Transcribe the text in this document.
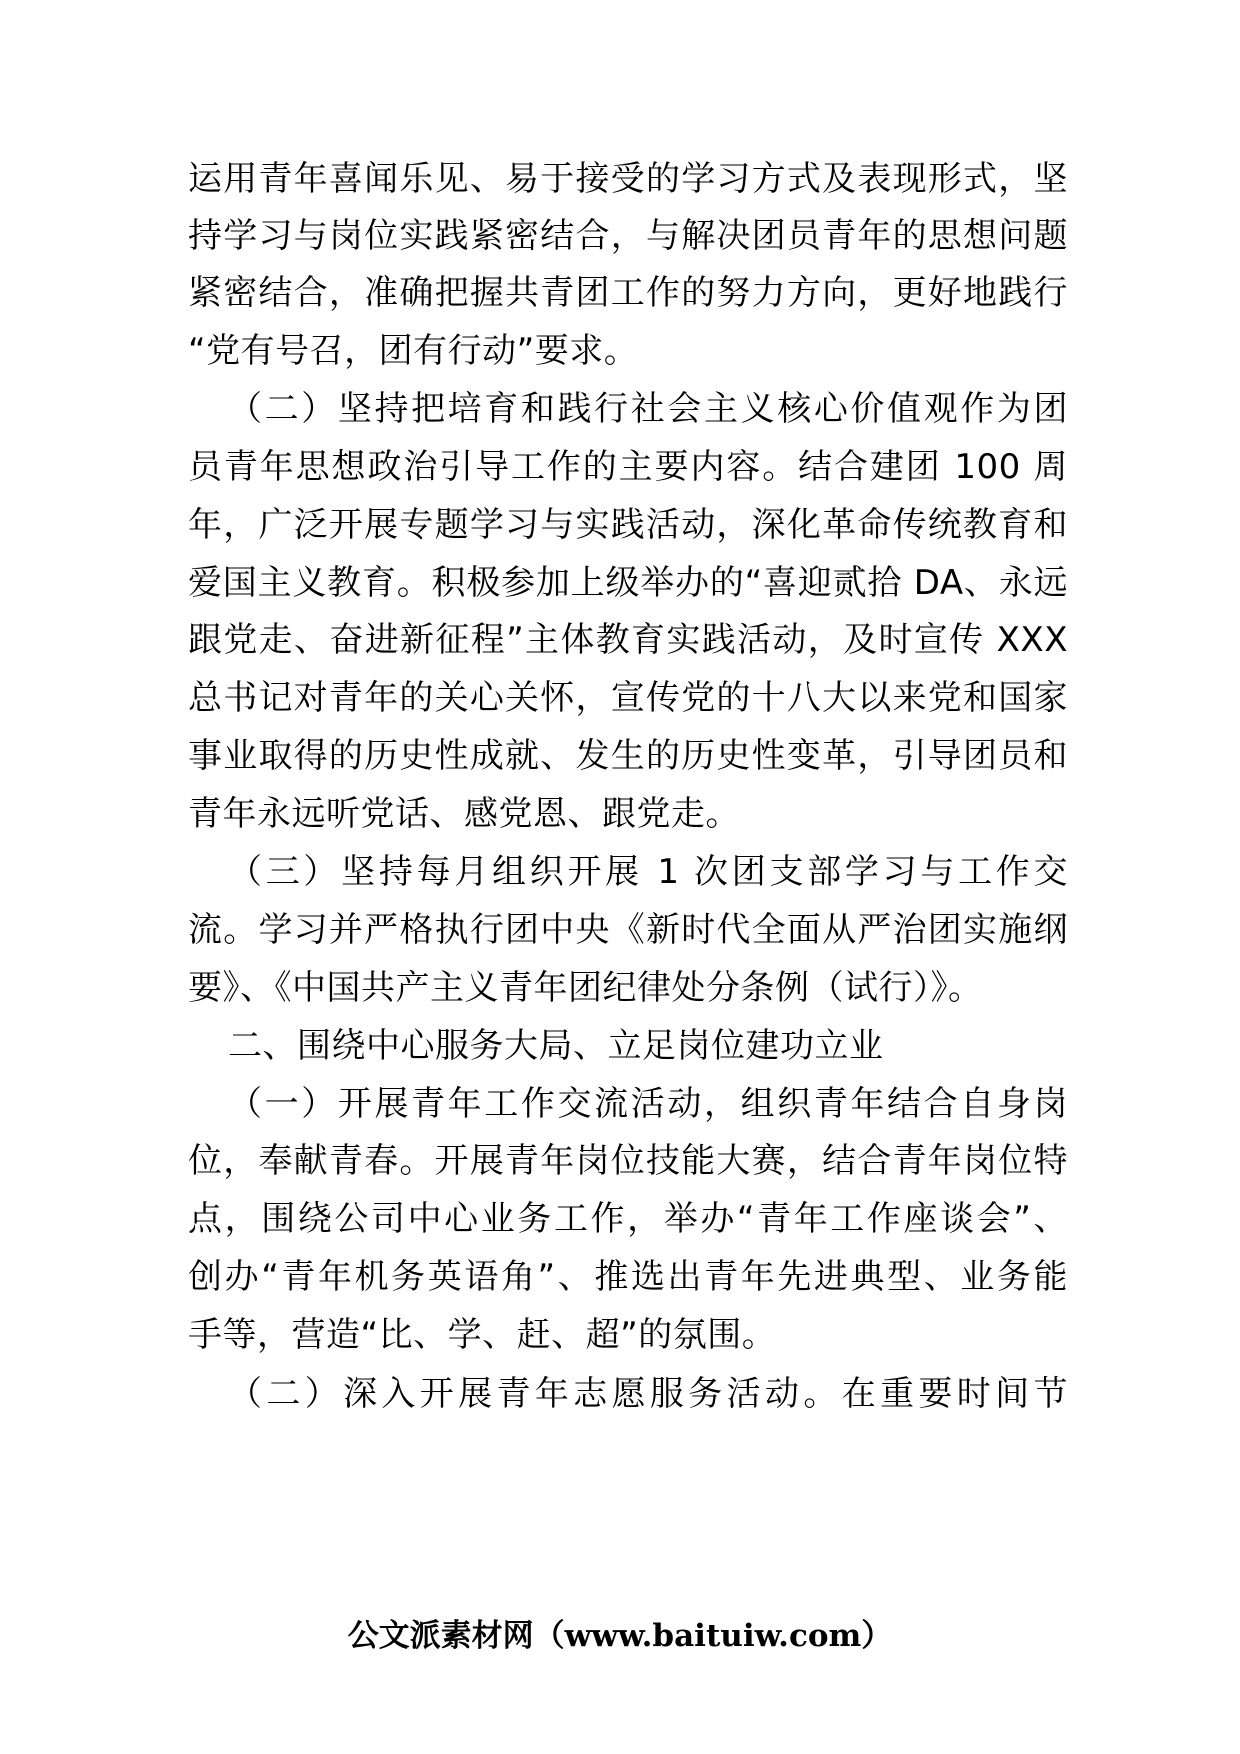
运用青年喜闻乐见、易于接受的学习方式及表现形式，坚
持学习与岗位实践紧密结合，与解决团员青年的思想问题
紧密结合，准确把握共青团工作的努力方向，更好地践行
“党有号召，团有行动”要求。
（二）坚持把培育和践行社会主义核心价值观作为团
员青年思想政治引导工作的主要内容。结合建团 100 周
年，广泛开展专题学习与实践活动，深化革命传统教育和
爱国主义教育。积极参加上级举办的“喜迎贰拾 DA、永远
跟党走、奋进新征程”主体教育实践活动，及时宣传 XXX
总书记对青年的关心关怀，宣传党的十八大以来党和国家
事业取得的历史性成就、发生的历史性变革，引导团员和
青年永远听党话、感党恩、跟党走。
（三）坚持每月组织开展 1 次团支部学习与工作交
流。学习并严格执行团中央《新时代全面从严治团实施纲
要》、《中国共产主义青年团纪律处分条例（试行）》。
二、围绕中心服务大局、立足岗位建功立业
（一）开展青年工作交流活动，组织青年结合自身岗
位，奉献青春。开展青年岗位技能大赛，结合青年岗位特
点，围绕公司中心业务工作，举办“青年工作座谈会”、
创办“青年机务英语角”、推选出青年先进典型、业务能
手等，营造“比、学、赶、超”的氛围。
（二）深入开展青年志愿服务活动。在重要时间节
公文派素材网（www.baituiw.com）
